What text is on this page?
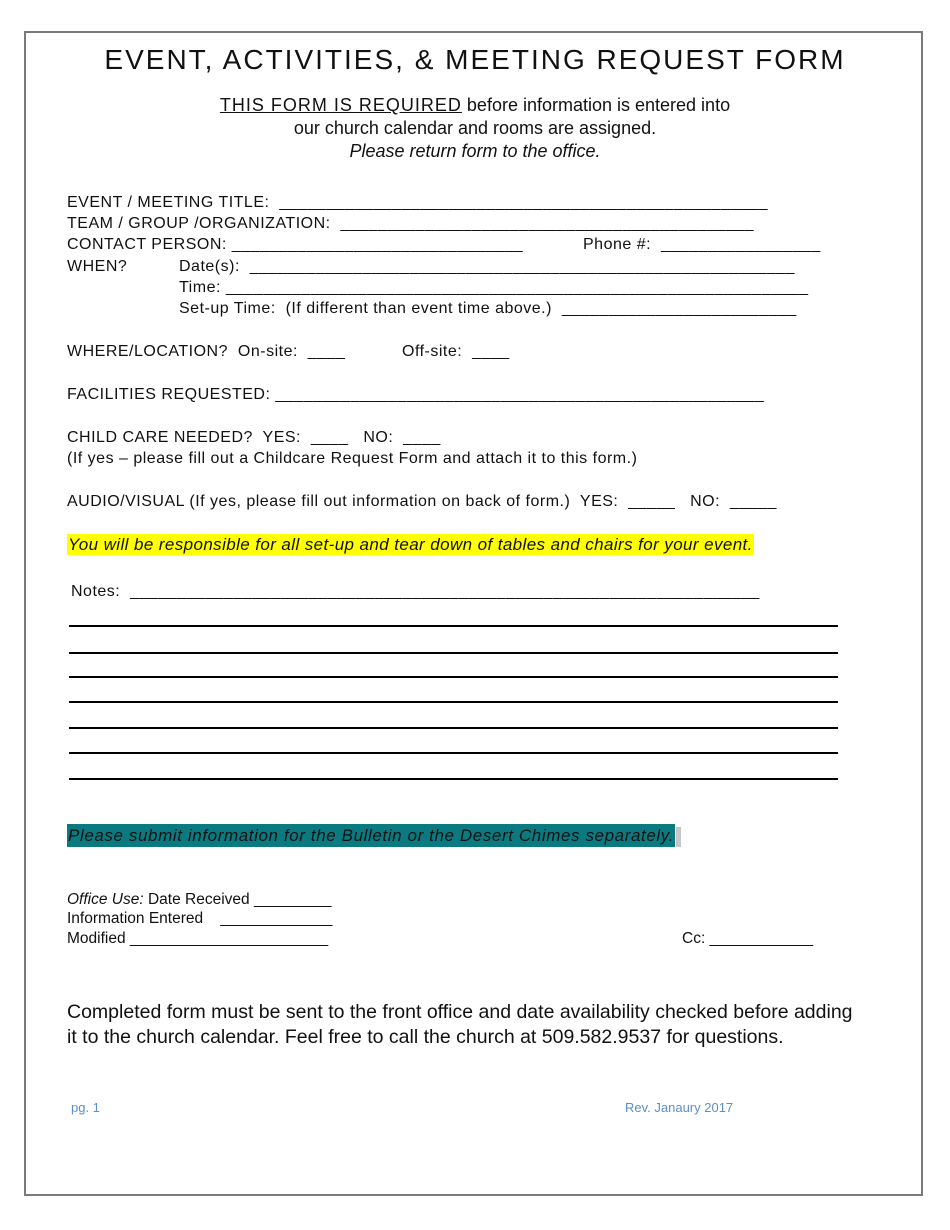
EVENT, ACTIVITIES, & MEETING REQUEST FORM
THIS FORM IS REQUIRED before information is entered into
our church calendar and rooms are assigned.
Please return form to the office.
EVENT / MEETING TITLE:  ____________________________________________________
TEAM / GROUP /ORGANIZATION:  ____________________________________________
CONTACT PERSON: _______________________________	Phone #:  _________________
WHEN?	Date(s):  __________________________________________________________
Time: ______________________________________________________________
Set-up Time:  (If different than event time above.)  _________________________
WHERE/LOCATION?  On-site:  ____	Off-site:  ____
FACILITIES REQUESTED: ____________________________________________________
CHILD CARE NEEDED?  YES:  ____   NO:  ____
(If yes – please fill out a Childcare Request Form and attach it to this form.)
AUDIO/VISUAL (If yes, please fill out information on back of form.)  YES:  _____   NO:  _____
You will be responsible for all set-up and tear down of tables and chairs for your event.
Notes:  ___________________________________________________________________
Please submit information for the Bulletin or the Desert Chimes separately.
Office Use: Date Received _________
Information Entered    _____________
Modified _______________________	Cc: ____________
Completed form must be sent to the front office and date availability checked before adding it to the church calendar. Feel free to call the church at 509.582.9537 for questions.
pg. 1	Rev. Janaury 2017
